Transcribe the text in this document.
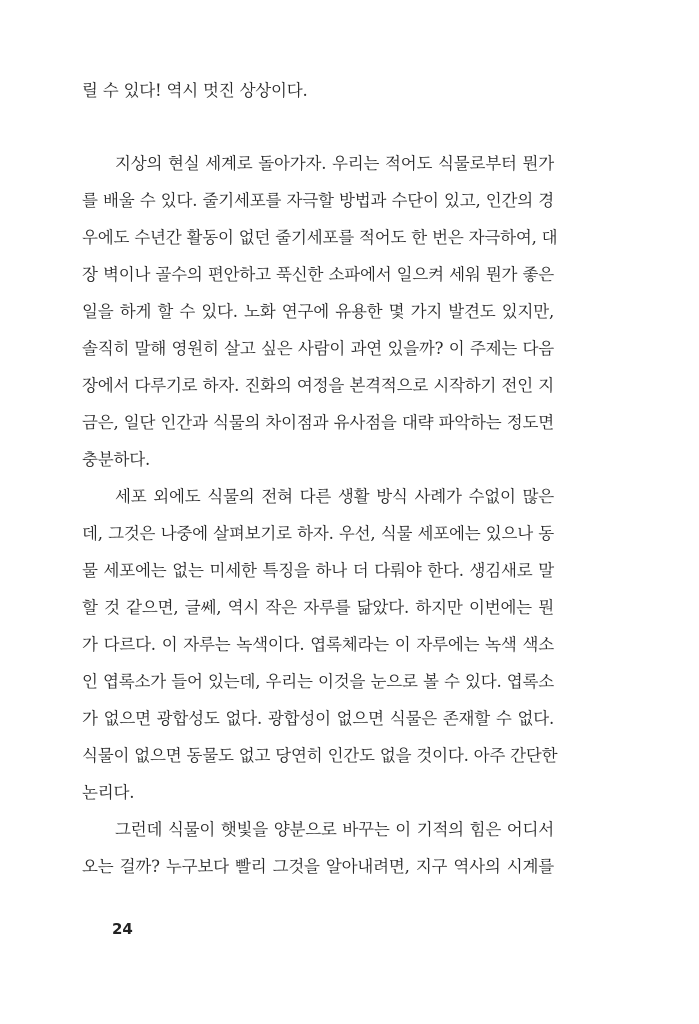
릴 수 있다! 역시 멋진 상상이다.
지상의 현실 세계로 돌아가자. 우리는 적어도 식물로부터 뭔가
를 배울 수 있다. 줄기세포를 자극할 방법과 수단이 있고, 인간의 경
우에도 수년간 활동이 없던 줄기세포를 적어도 한 번은 자극하여, 대
장 벽이나 골수의 편안하고 푹신한 소파에서 일으켜 세워 뭔가 좋은
일을 하게 할 수 있다. 노화 연구에 유용한 몇 가지 발견도 있지만,
솔직히 말해 영원히 살고 싶은 사람이 과연 있을까? 이 주제는 다음
장에서 다루기로 하자. 진화의 여정을 본격적으로 시작하기 전인 지
금은, 일단 인간과 식물의 차이점과 유사점을 대략 파악하는 정도면
충분하다.
세포 외에도 식물의 전혀 다른 생활 방식 사례가 수없이 많은
데, 그것은 나중에 살펴보기로 하자. 우선, 식물 세포에는 있으나 동
물 세포에는 없는 미세한 특징을 하나 더 다뤄야 한다. 생김새로 말
할 것 같으면, 글쎄, 역시 작은 자루를 닮았다. 하지만 이번에는 뭔
가 다르다. 이 자루는 녹색이다. 엽록체라는 이 자루에는 녹색 색소
인 엽록소가 들어 있는데, 우리는 이것을 눈으로 볼 수 있다. 엽록소
가 없으면 광합성도 없다. 광합성이 없으면 식물은 존재할 수 없다.
식물이 없으면 동물도 없고 당연히 인간도 없을 것이다. 아주 간단한
논리다.
그런데 식물이 햇빛을 양분으로 바꾸는 이 기적의 힘은 어디서
오는 걸까? 누구보다 빨리 그것을 알아내려면, 지구 역사의 시계를
24
